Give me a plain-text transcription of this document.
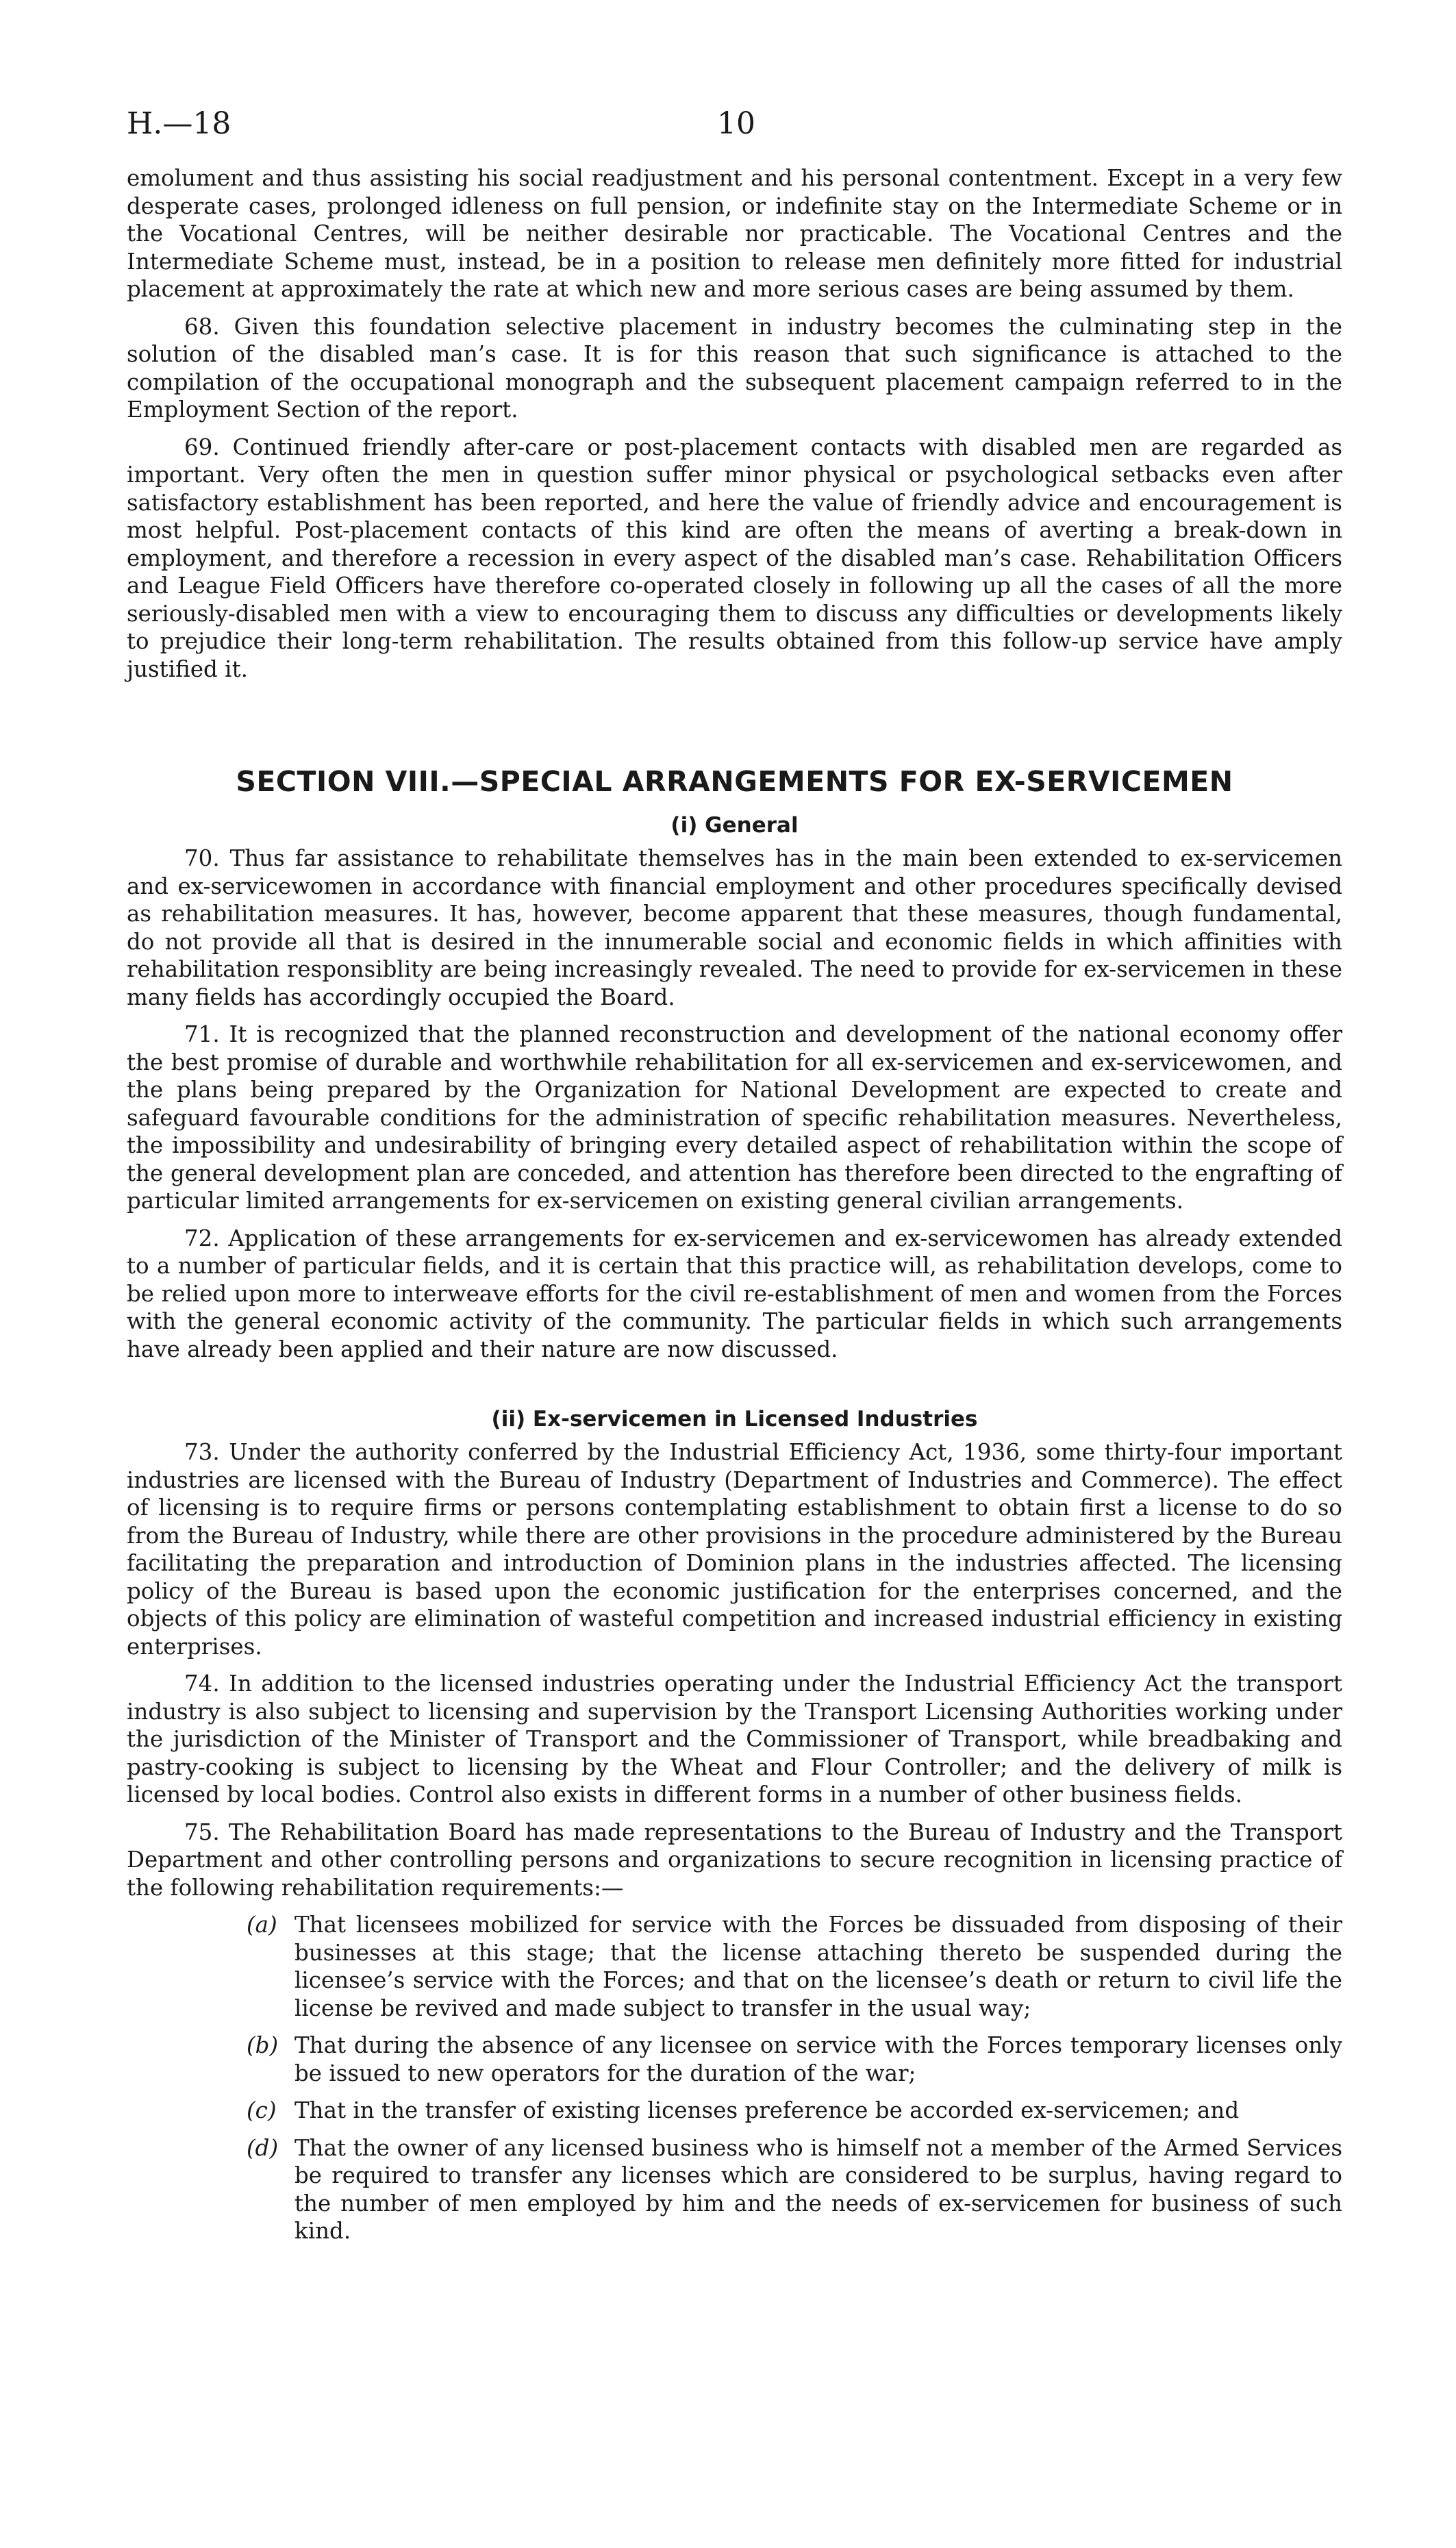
H.—18	10

emolument and thus assisting his social readjustment and his personal contentment. Except in a very few desperate cases, prolonged idleness on full pension, or indefinite stay on the Intermediate Scheme or in the Vocational Centres, will be neither desirable nor practicable. The Vocational Centres and the Intermediate Scheme must, instead, be in a position to release men definitely more fitted for industrial placement at approximately the rate at which new and more serious cases are being assumed by them.

68. Given this foundation selective placement in industry becomes the culminating step in the solution of the disabled man’s case. It is for this reason that such significance is attached to the compilation of the occupational monograph and the subsequent placement campaign referred to in the Employment Section of the report.

69. Continued friendly after-care or post-placement contacts with disabled men are regarded as important. Very often the men in question suffer minor physical or psychological setbacks even after satisfactory establishment has been reported, and here the value of friendly advice and encouragement is most helpful. Post-placement contacts of this kind are often the means of averting a break-down in employment, and therefore a recession in every aspect of the disabled man’s case. Rehabilitation Officers and League Field Officers have therefore co-operated closely in following up all the cases of all the more seriously-disabled men with a view to encouraging them to discuss any difficulties or developments likely to prejudice their long-term rehabilitation. The results obtained from this follow-up service have amply justified it.

SECTION VIII.—SPECIAL ARRANGEMENTS FOR EX-SERVICEMEN
(i) General

70. Thus far assistance to rehabilitate themselves has in the main been extended to ex-servicemen and ex-servicewomen in accordance with financial employment and other procedures specifically devised as rehabilitation measures. It has, however, become apparent that these measures, though fundamental, do not provide all that is desired in the innumerable social and economic fields in which affinities with rehabilitation responsiblity are being increasingly revealed. The need to provide for ex-servicemen in these many fields has accordingly occupied the Board.

71. It is recognized that the planned reconstruction and development of the national economy offer the best promise of durable and worthwhile rehabilitation for all ex-servicemen and ex-servicewomen, and the plans being prepared by the Organization for National Development are expected to create and safeguard favourable conditions for the administration of specific rehabilitation measures. Nevertheless, the impossibility and undesirability of bringing every detailed aspect of rehabilitation within the scope of the general development plan are conceded, and attention has therefore been directed to the engrafting of particular limited arrangements for ex-servicemen on existing general civilian arrangements.

72. Application of these arrangements for ex-servicemen and ex-servicewomen has already extended to a number of particular fields, and it is certain that this practice will, as rehabilitation develops, come to be relied upon more to interweave efforts for the civil re-establishment of men and women from the Forces with the general economic activity of the community. The particular fields in which such arrangements have already been applied and their nature are now discussed.

(ii) Ex-servicemen in Licensed Industries

73. Under the authority conferred by the Industrial Efficiency Act, 1936, some thirty-four important industries are licensed with the Bureau of Industry (Department of Industries and Commerce). The effect of licensing is to require firms or persons contemplating establishment to obtain first a license to do so from the Bureau of Industry, while there are other provisions in the procedure administered by the Bureau facilitating the preparation and introduction of Dominion plans in the industries affected. The licensing policy of the Bureau is based upon the economic justification for the enterprises concerned, and the objects of this policy are elimination of wasteful competition and increased industrial efficiency in existing enterprises.

74. In addition to the licensed industries operating under the Industrial Efficiency Act the transport industry is also subject to licensing and supervision by the Transport Licensing Authorities working under the jurisdiction of the Minister of Transport and the Commissioner of Transport, while breadbaking and pastry-cooking is subject to licensing by the Wheat and Flour Controller; and the delivery of milk is licensed by local bodies. Control also exists in different forms in a number of other business fields.

75. The Rehabilitation Board has made representations to the Bureau of Industry and the Transport Department and other controlling persons and organizations to secure recognition in licensing practice of the following rehabilitation requirements:—

(a) That licensees mobilized for service with the Forces be dissuaded from disposing of their businesses at this stage; that the license attaching thereto be suspended during the licensee’s service with the Forces; and that on the licensee’s death or return to civil life the license be revived and made subject to transfer in the usual way;
(b) That during the absence of any licensee on service with the Forces temporary licenses only be issued to new operators for the duration of the war;
(c) That in the transfer of existing licenses preference be accorded ex-servicemen; and
(d) That the owner of any licensed business who is himself not a member of the Armed Services be required to transfer any licenses which are considered to be surplus, having regard to the number of men employed by him and the needs of ex-servicemen for business of such kind.
